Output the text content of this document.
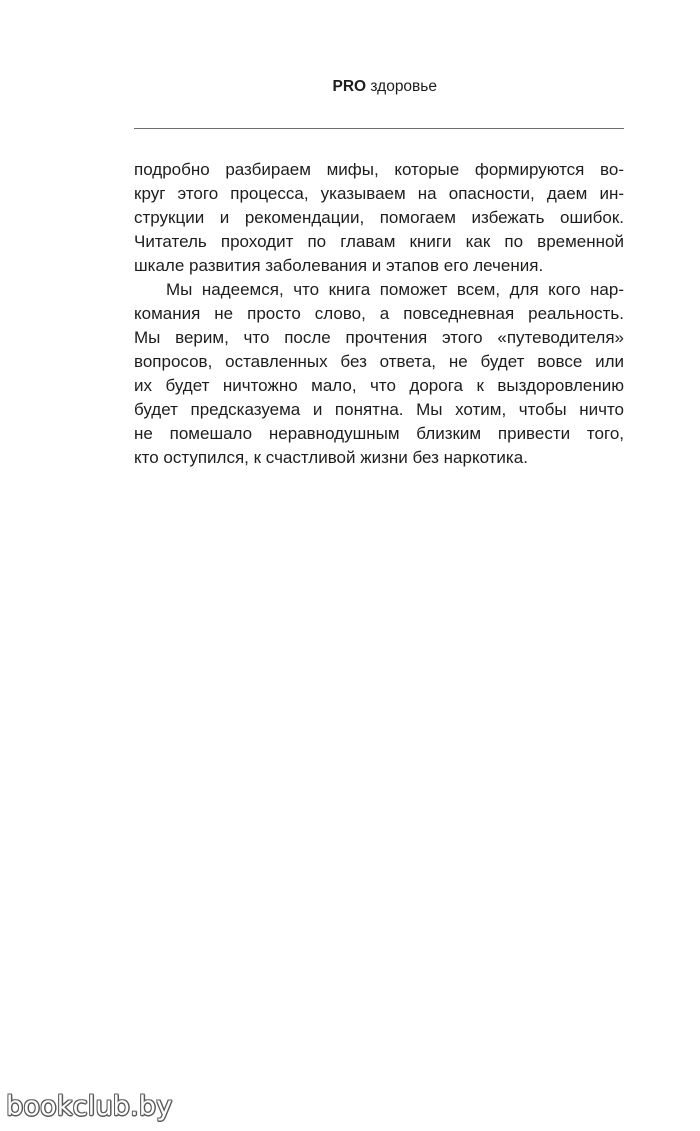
PRO здоровье
подробно разбираем мифы, которые формируются во-
круг этого процесса, указываем на опасности, даем ин-
струкции и рекомендации, помогаем избежать ошибок.
Читатель проходит по главам книги как по временной
шкале развития заболевания и этапов его лечения.
Мы надеемся, что книга поможет всем, для кого нар-
комания не просто слово, а повседневная реальность.
Мы верим, что после прочтения этого «путеводителя»
вопросов, оставленных без ответа, не будет вовсе или
их будет ничтожно мало, что дорога к выздоровлению
будет предсказуема и понятна. Мы хотим, чтобы ничто
не помешало неравнодушным близким привести того,
кто оступился, к счастливой жизни без наркотика.
bookclub.by
